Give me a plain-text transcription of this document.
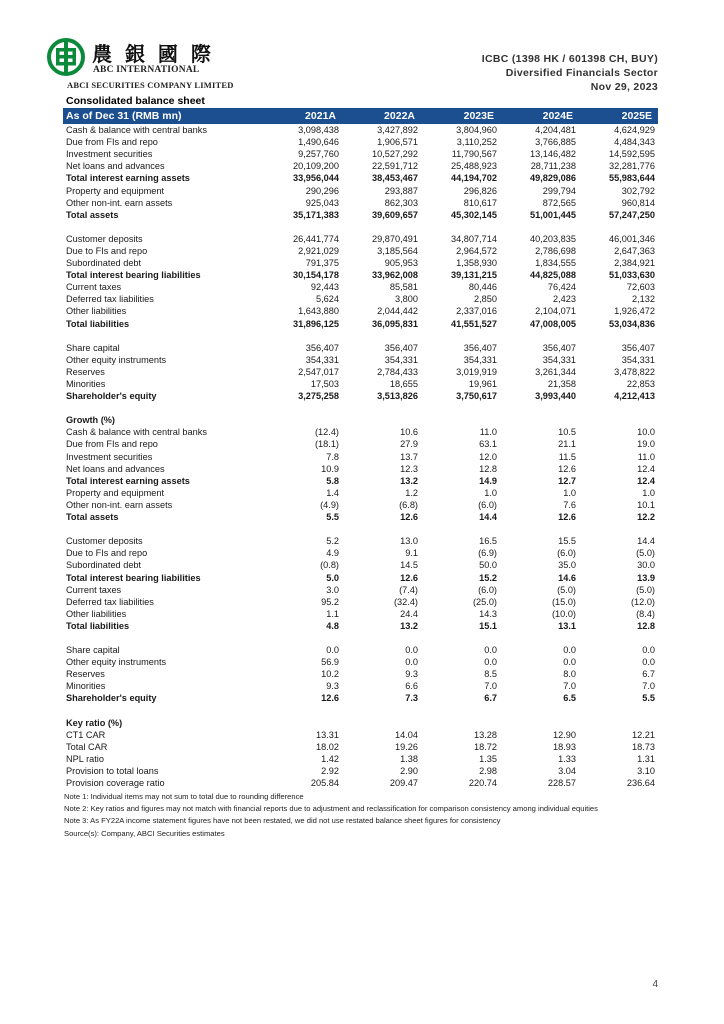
農 銀 國 際
ABC INTERNATIONAL
ABCI SECURITIES COMPANY LIMITED
ICBC (1398 HK / 601398 CH, BUY)
Diversified Financials Sector
Nov 29, 2023
Consolidated balance sheet
As of Dec 31 (RMB mn)	2021A	2022A	2023E	2024E	2025E
Cash & balance with central banks	3,098,438	3,427,892	3,804,960	4,204,481	4,624,929
Due from FIs and repo	1,490,646	1,906,571	3,110,252	3,766,885	4,484,343
Investment securities	9,257,760	10,527,292	11,790,567	13,146,482	14,592,595
Net loans and advances	20,109,200	22,591,712	25,488,923	28,711,238	32,281,776
Total interest earning assets	33,956,044	38,453,467	44,194,702	49,829,086	55,983,644
Property and equipment	290,296	293,887	296,826	299,794	302,792
Other non-int. earn assets	925,043	862,303	810,617	872,565	960,814
Total assets	35,171,383	39,609,657	45,302,145	51,001,445	57,247,250

Customer deposits	26,441,774	29,870,491	34,807,714	40,203,835	46,001,346
Due to FIs and repo	2,921,029	3,185,564	2,964,572	2,786,698	2,647,363
Subordinated debt	791,375	905,953	1,358,930	1,834,555	2,384,921
Total interest bearing liabilities	30,154,178	33,962,008	39,131,215	44,825,088	51,033,630
Current taxes	92,443	85,581	80,446	76,424	72,603
Deferred tax liabilities	5,624	3,800	2,850	2,423	2,132
Other liabilities	1,643,880	2,044,442	2,337,016	2,104,071	1,926,472
Total liabilities	31,896,125	36,095,831	41,551,527	47,008,005	53,034,836

Share capital	356,407	356,407	356,407	356,407	356,407
Other equity instruments	354,331	354,331	354,331	354,331	354,331
Reserves	2,547,017	2,784,433	3,019,919	3,261,344	3,478,822
Minorities	17,503	18,655	19,961	21,358	22,853
Shareholder's equity	3,275,258	3,513,826	3,750,617	3,993,440	4,212,413

Growth (%)					
Cash & balance with central banks	(12.4)	10.6	11.0	10.5	10.0
Due from FIs and repo	(18.1)	27.9	63.1	21.1	19.0
Investment securities	7.8	13.7	12.0	11.5	11.0
Net loans and advances	10.9	12.3	12.8	12.6	12.4
Total interest earning assets	5.8	13.2	14.9	12.7	12.4
Property and equipment	1.4	1.2	1.0	1.0	1.0
Other non-int. earn assets	(4.9)	(6.8)	(6.0)	7.6	10.1
Total assets	5.5	12.6	14.4	12.6	12.2

Customer deposits	5.2	13.0	16.5	15.5	14.4
Due to FIs and repo	4.9	9.1	(6.9)	(6.0)	(5.0)
Subordinated debt	(0.8)	14.5	50.0	35.0	30.0
Total interest bearing liabilities	5.0	12.6	15.2	14.6	13.9
Current taxes	3.0	(7.4)	(6.0)	(5.0)	(5.0)
Deferred tax liabilities	95.2	(32.4)	(25.0)	(15.0)	(12.0)
Other liabilities	1.1	24.4	14.3	(10.0)	(8.4)
Total liabilities	4.8	13.2	15.1	13.1	12.8

Share capital	0.0	0.0	0.0	0.0	0.0
Other equity instruments	56.9	0.0	0.0	0.0	0.0
Reserves	10.2	9.3	8.5	8.0	6.7
Minorities	9.3	6.6	7.0	7.0	7.0
Shareholder's equity	12.6	7.3	6.7	6.5	5.5

Key ratio (%)					
CT1 CAR	13.31	14.04	13.28	12.90	12.21
Total CAR	18.02	19.26	18.72	18.93	18.73
NPL ratio	1.42	1.38	1.35	1.33	1.31
Provision to total loans	2.92	2.90	2.98	3.04	3.10
Provision coverage ratio	205.84	209.47	220.74	228.57	236.64
Note 1: Individual items may not sum to total due to rounding difference
Note 2: Key ratios and figures may not match with financial reports due to adjustment and reclassification for comparison consistency among individual equities
Note 3: As FY22A income statement figures have not been restated, we did not use restated balance sheet figures for consistency
Source(s): Company, ABCI Securities estimates
4
